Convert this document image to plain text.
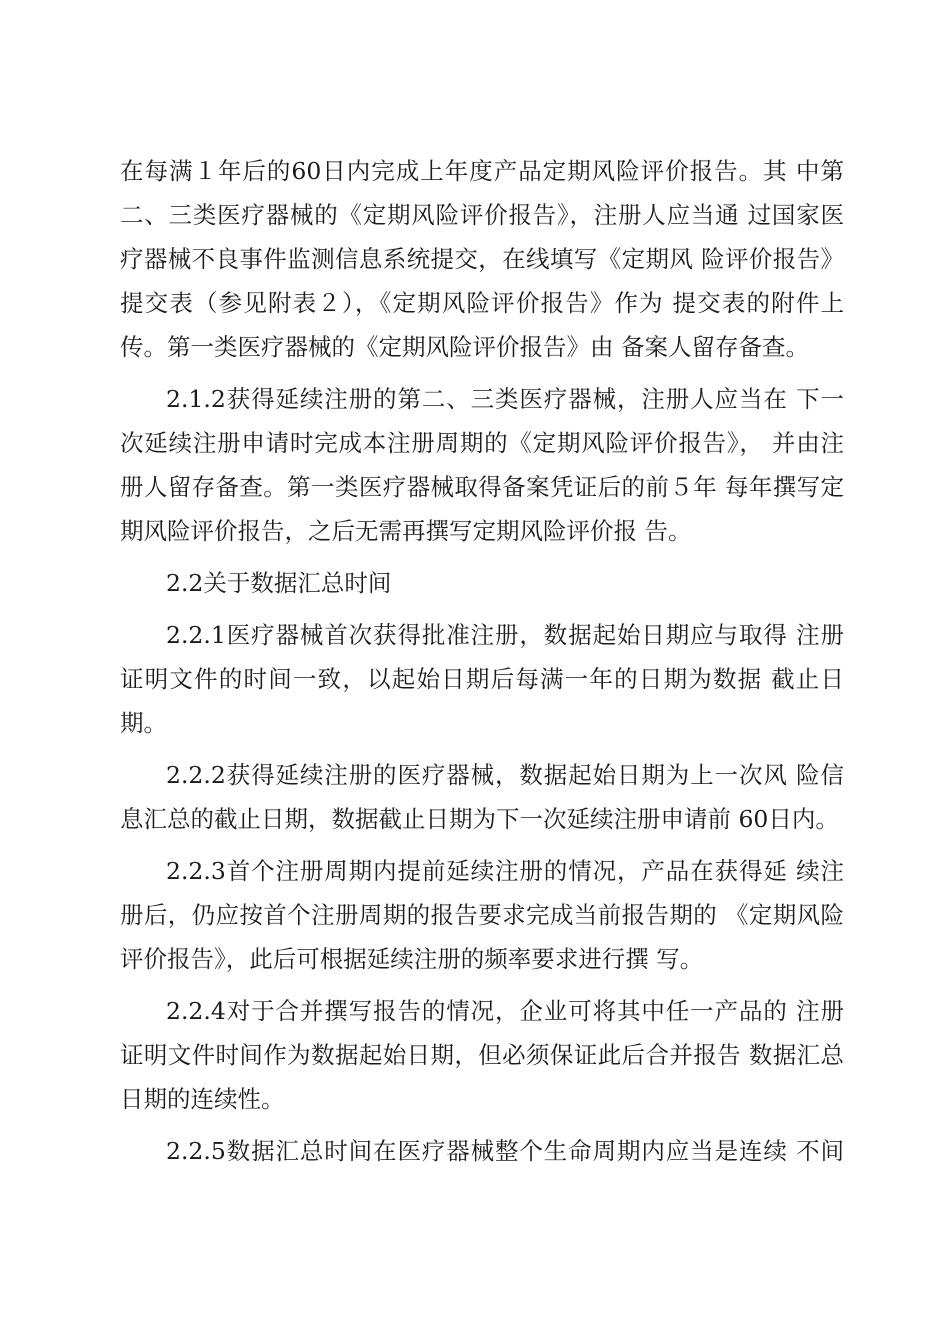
在每满１年后的60日内完成上年度产品定期风险评价报告。其 中第
二、三类医疗器械的《定期风险评价报告》，注册人应当通 过国家医
疗器械不良事件监测信息系统提交，在线填写《定期风 险评价报告》
提交表（参见附表２），《定期风险评价报告》作为 提交表的附件上
传。第一类医疗器械的《定期风险评价报告》由 备案人留存备查。

2.1.2获得延续注册的第二、三类医疗器械，注册人应当在 下一
次延续注册申请时完成本注册周期的《定期风险评价报告》， 并由注
册人留存备查。第一类医疗器械取得备案凭证后的前５年 每年撰写定
期风险评价报告，之后无需再撰写定期风险评价报 告。

2.2关于数据汇总时间

2.2.1医疗器械首次获得批准注册，数据起始日期应与取得 注册
证明文件的时间一致，以起始日期后每满一年的日期为数据 截止日
期。

2.2.2获得延续注册的医疗器械，数据起始日期为上一次风 险信
息汇总的截止日期，数据截止日期为下一次延续注册申请前 60日内。

2.2.3首个注册周期内提前延续注册的情况，产品在获得延 续注
册后，仍应按首个注册周期的报告要求完成当前报告期的 《定期风险
评价报告》，此后可根据延续注册的频率要求进行撰 写。

2.2.4对于合并撰写报告的情况，企业可将其中任一产品的 注册
证明文件时间作为数据起始日期，但必须保证此后合并报告 数据汇总
日期的连续性。

2.2.5数据汇总时间在医疗器械整个生命周期内应当是连续 不间
